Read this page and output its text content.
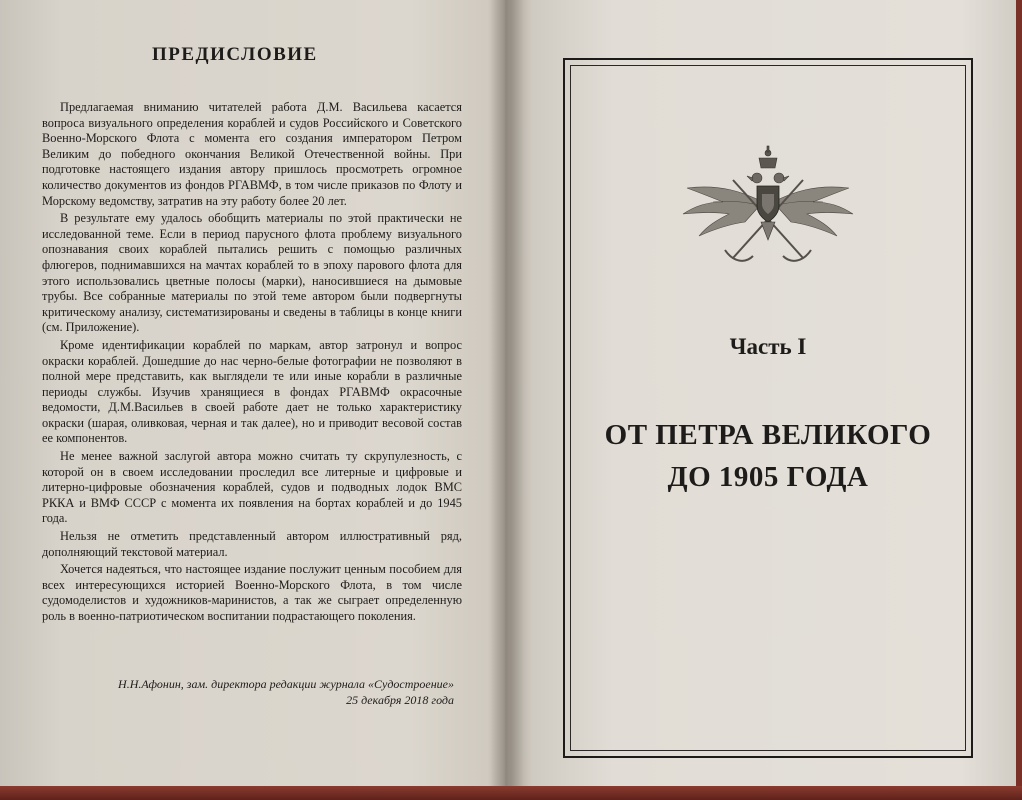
ПРЕДИСЛОВИЕ

Предлагаемая вниманию читателей работа Д.М. Васильева касается вопроса визуального определения кораблей и судов Российского и Советского Военно-Морского Флота с момента его создания императором Петром Великим до победного окончания Великой Отечественной войны. При подготовке настоящего издания автору пришлось просмотреть огромное количество документов из фондов РГАВМФ, в том числе приказов по Флоту и Морскому ведомству, затратив на эту работу более 20 лет.

В результате ему удалось обобщить материалы по этой практически не исследованной теме. Если в период парусного флота проблему визуального опознавания своих кораблей пытались решить с помощью различных флюгеров, поднимавшихся на мачтах кораблей то в эпоху парового флота для этого использовались цветные полосы (марки), наносившиеся на дымовые трубы. Все собранные материалы по этой теме автором были подвергнуты критическому анализу, систематизированы и сведены в таблицы в конце книги (см. Приложение).

Кроме идентификации кораблей по маркам, автор затронул и вопрос окраски кораблей. Дошедшие до нас черно-белые фотографии не позволяют в полной мере представить, как выглядели те или иные корабли в различные периоды службы. Изучив хранящиеся в фондах РГАВМФ окрасочные ведомости, Д.М.Васильев в своей работе дает не только характеристику окраски (шарая, оливковая, черная и так далее), но и приводит весовой состав ее компонентов.

Не менее важной заслугой автора можно считать ту скрупулезность, с которой он в своем исследовании проследил все литерные и цифровые и литерно-цифровые обозначения кораблей, судов и подводных лодок ВМС РККА и ВМФ СССР с момента их появления на бортах кораблей и до 1945 года.

Нельзя не отметить представленный автором иллюстративный ряд, дополняющий текстовой материал.

Хочется надеяться, что настоящее издание послужит ценным пособием для всех интересующихся историей Военно-Морского Флота, в том числе судомоделистов и художников-маринистов, а так же сыграет определенную роль в военно-патриотическом воспитании подрастающего поколения.

Н.Н.Афонин, зам. директора редакции журнала «Судостроение»
25 декабря 2018 года
Часть I
ОТ ПЕТРА ВЕЛИКОГО
ДО 1905 ГОДА
